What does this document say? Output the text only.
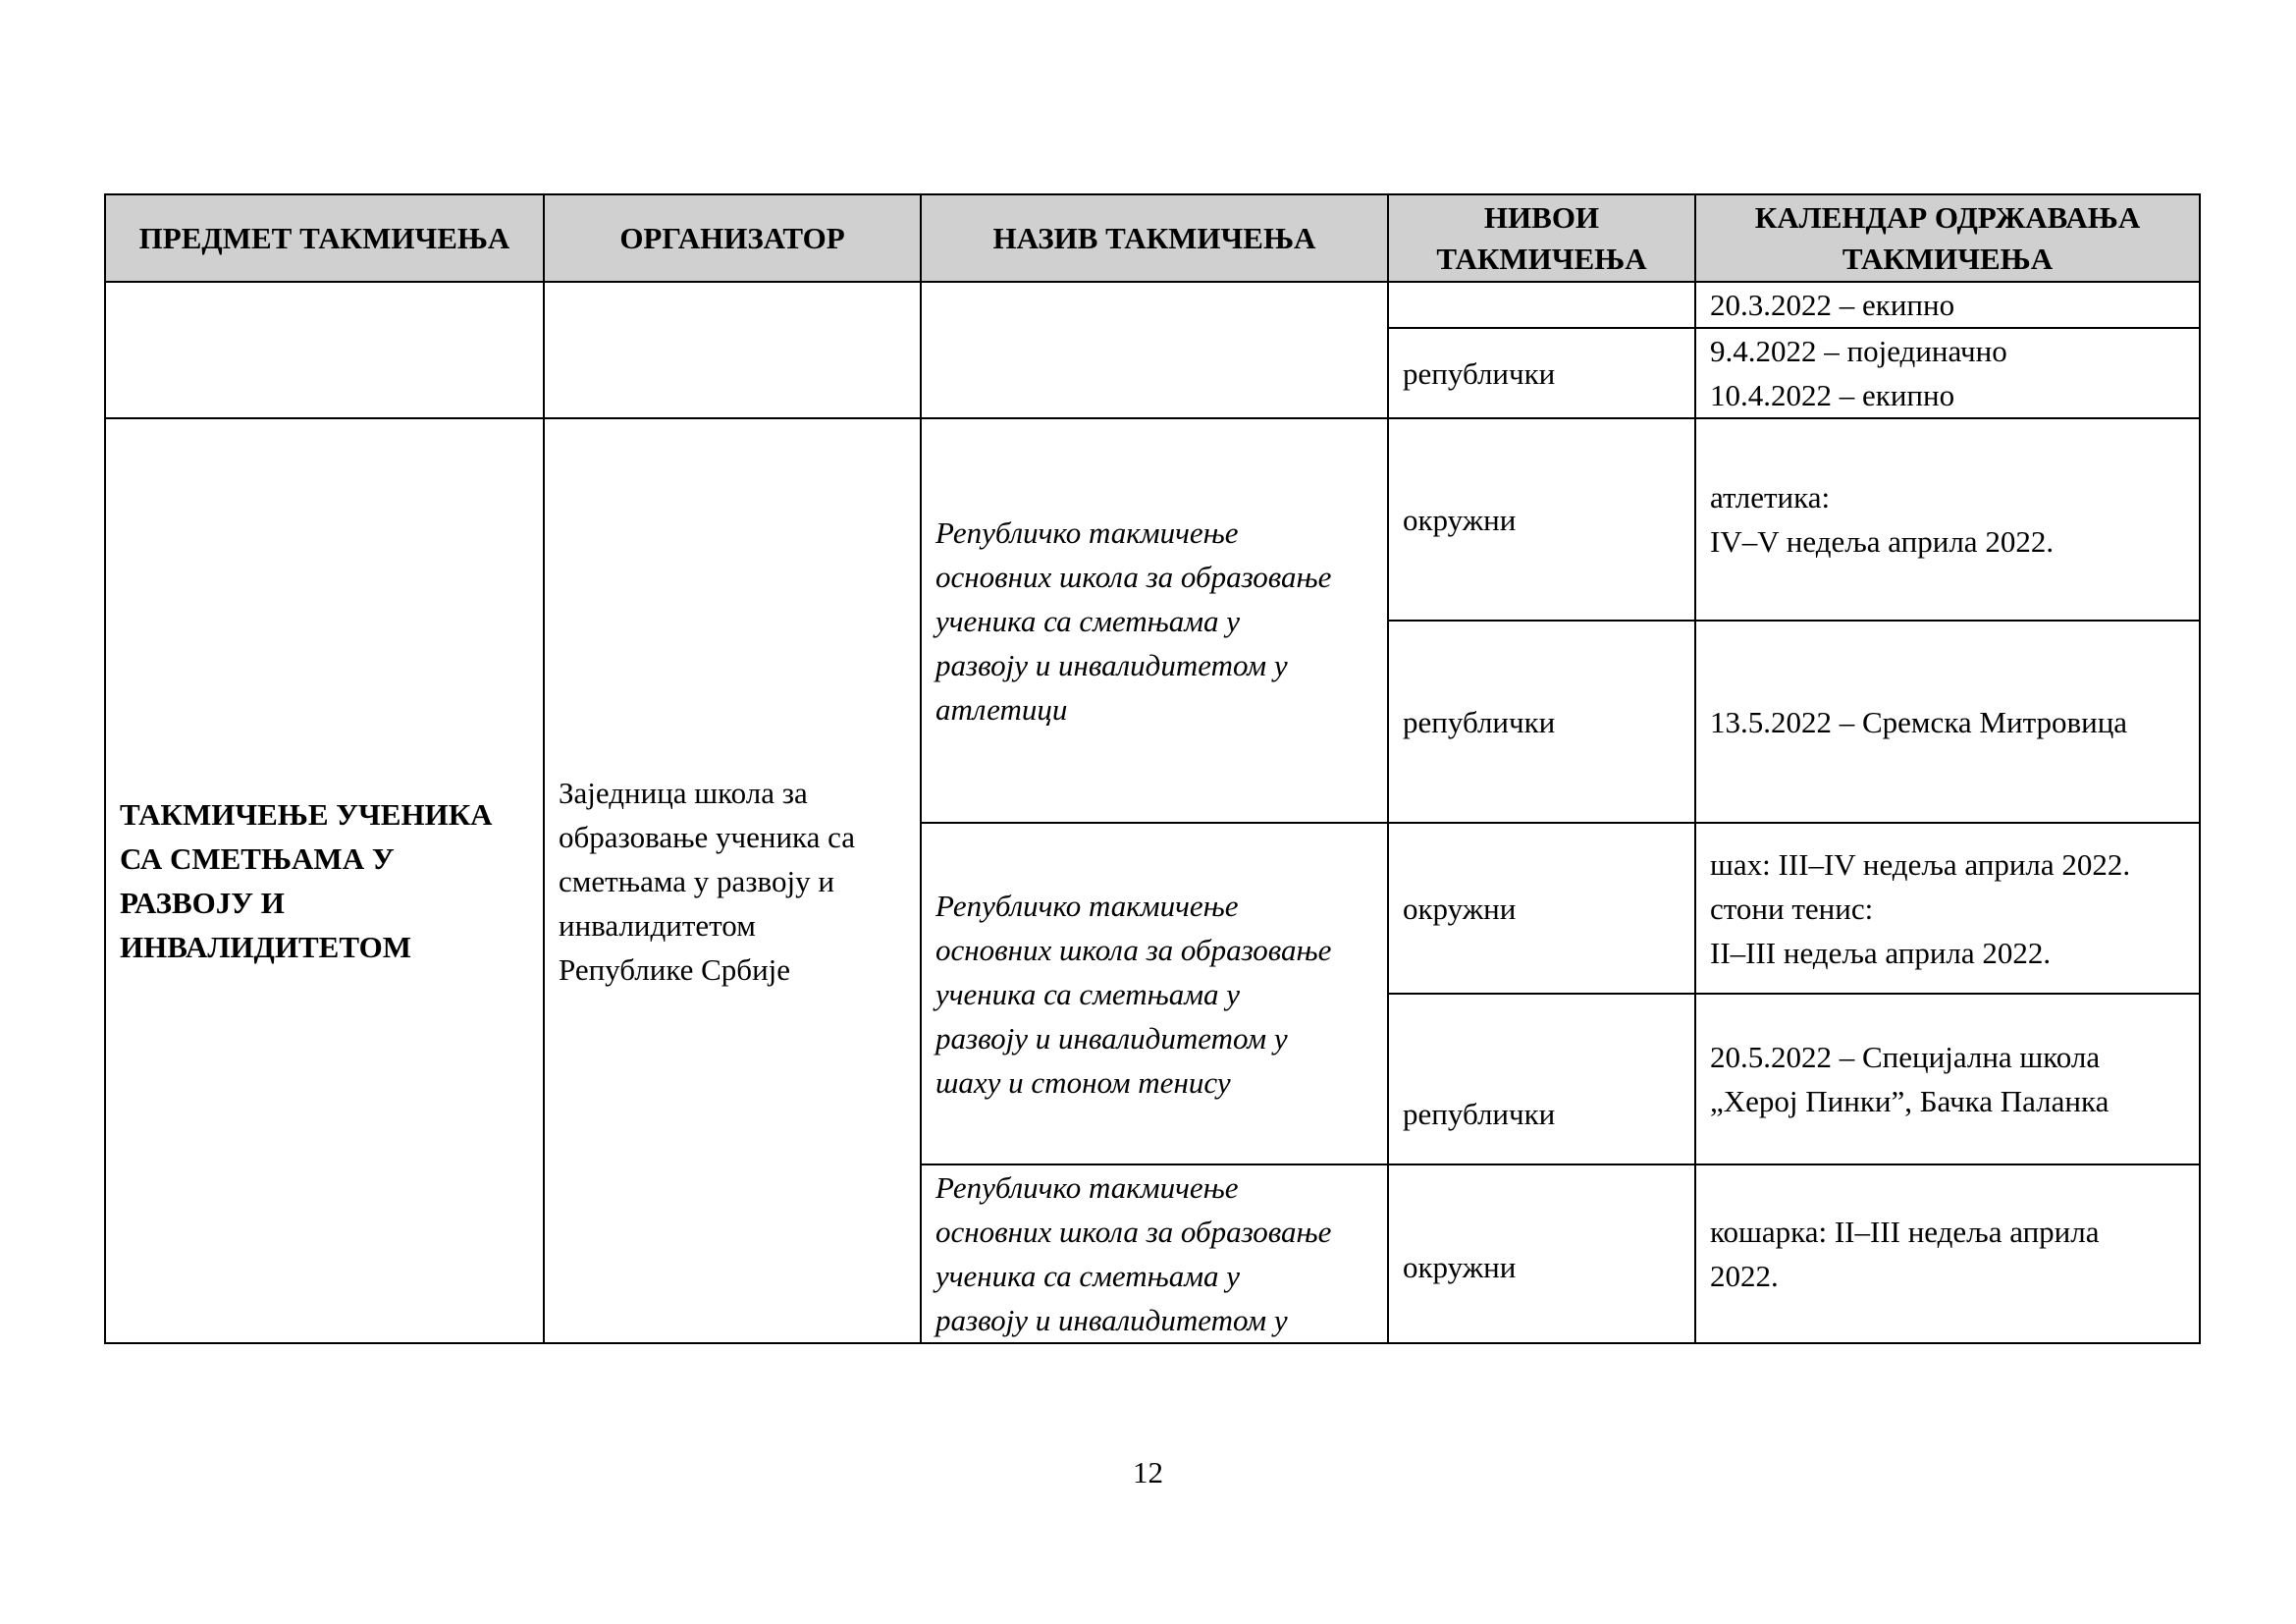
ПРЕДМЕТ ТАКМИЧЕЊА	ОРГАНИЗАТОР	НАЗИВ ТАКМИЧЕЊА	НИВОИ ТАКМИЧЕЊА	КАЛЕНДАР ОДРЖАВАЊА ТАКМИЧЕЊА
				20.3.2022 – екипно
			републички	9.4.2022 – појединачно
10.4.2022 – екипно

ТАКМИЧЕЊЕ УЧЕНИКА
СА СМЕТЊАМА У
РАЗВОЈУ И
ИНВАЛИДИТЕТОМ	Заједница школа за
образовање ученика са
сметњама у развоју и
инвалидитетом
Републике Србије	Републичко такмичење
основних школа за образовање
ученика са сметњама у
развоју и инвалидитетом у
атлетици	окружни	атлетика:
IV–V недеља априла 2022.

			републички	13.5.2022 – Сремска Митровица

		Републичко такмичење
основних школа за образовање
ученика са сметњама у
развоју и инвалидитетом у
шаху и стоном тенису	окружни	шах: III–IV недеља априла 2022.
стони тенис:
II–III недеља априла 2022.

			републички	20.5.2022 – Специјална школа
„Херој Пинки”, Бачка Паланка

		Републичко такмичење
основних школа за образовање
ученика са сметњама у
развоју и инвалидитетом у	окружни	кошарка: II–III недеља априла
2022.
12
